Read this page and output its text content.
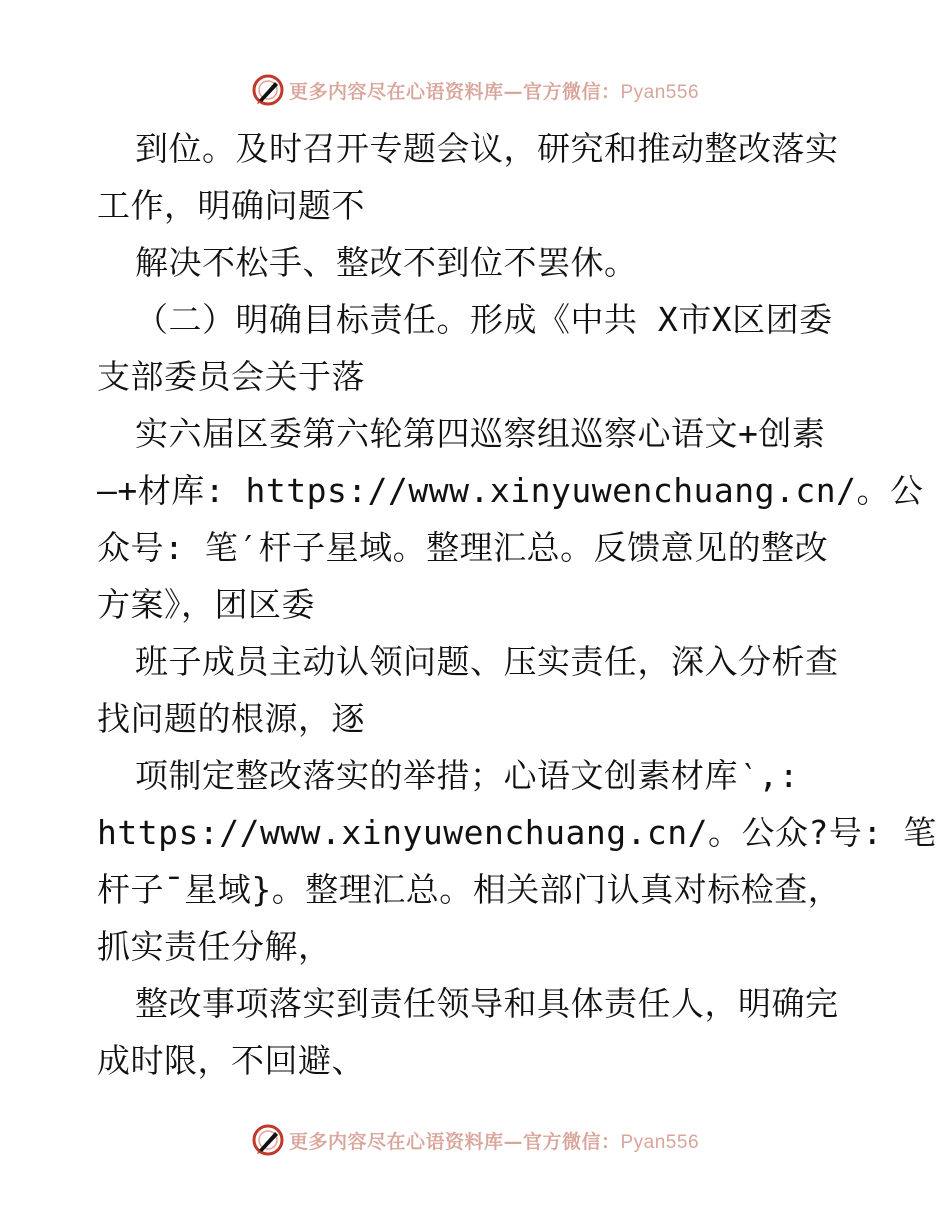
更多内容尽在心语资料库—官方微信：Pyan556
到位。及时召开专题会议，研究和推动整改落实
工作，明确问题不
解决不松手、整改不到位不罢休。
（二）明确目标责任。形成《中共 X市X区团委
支部委员会关于落
实六届区委第六轮第四巡察组巡察心语文+创素
—+材库: https://www.xinyuwenchuang.cn/。公
众号: 笔′杆子星域。整理汇总。反馈意见的整改
方案》，团区委
班子成员主动认领问题、压实责任，深入分析查
找问题的根源，逐
项制定整改落实的举措；心语文创素材库‵,:
https://www.xinyuwenchuang.cn/。公众?号: 笔
杆子¯星域}。整理汇总。相关部门认真对标检查，
抓实责任分解，
整改事项落实到责任领导和具体责任人，明确完
成时限，不回避、
更多内容尽在心语资料库—官方微信：Pyan556
